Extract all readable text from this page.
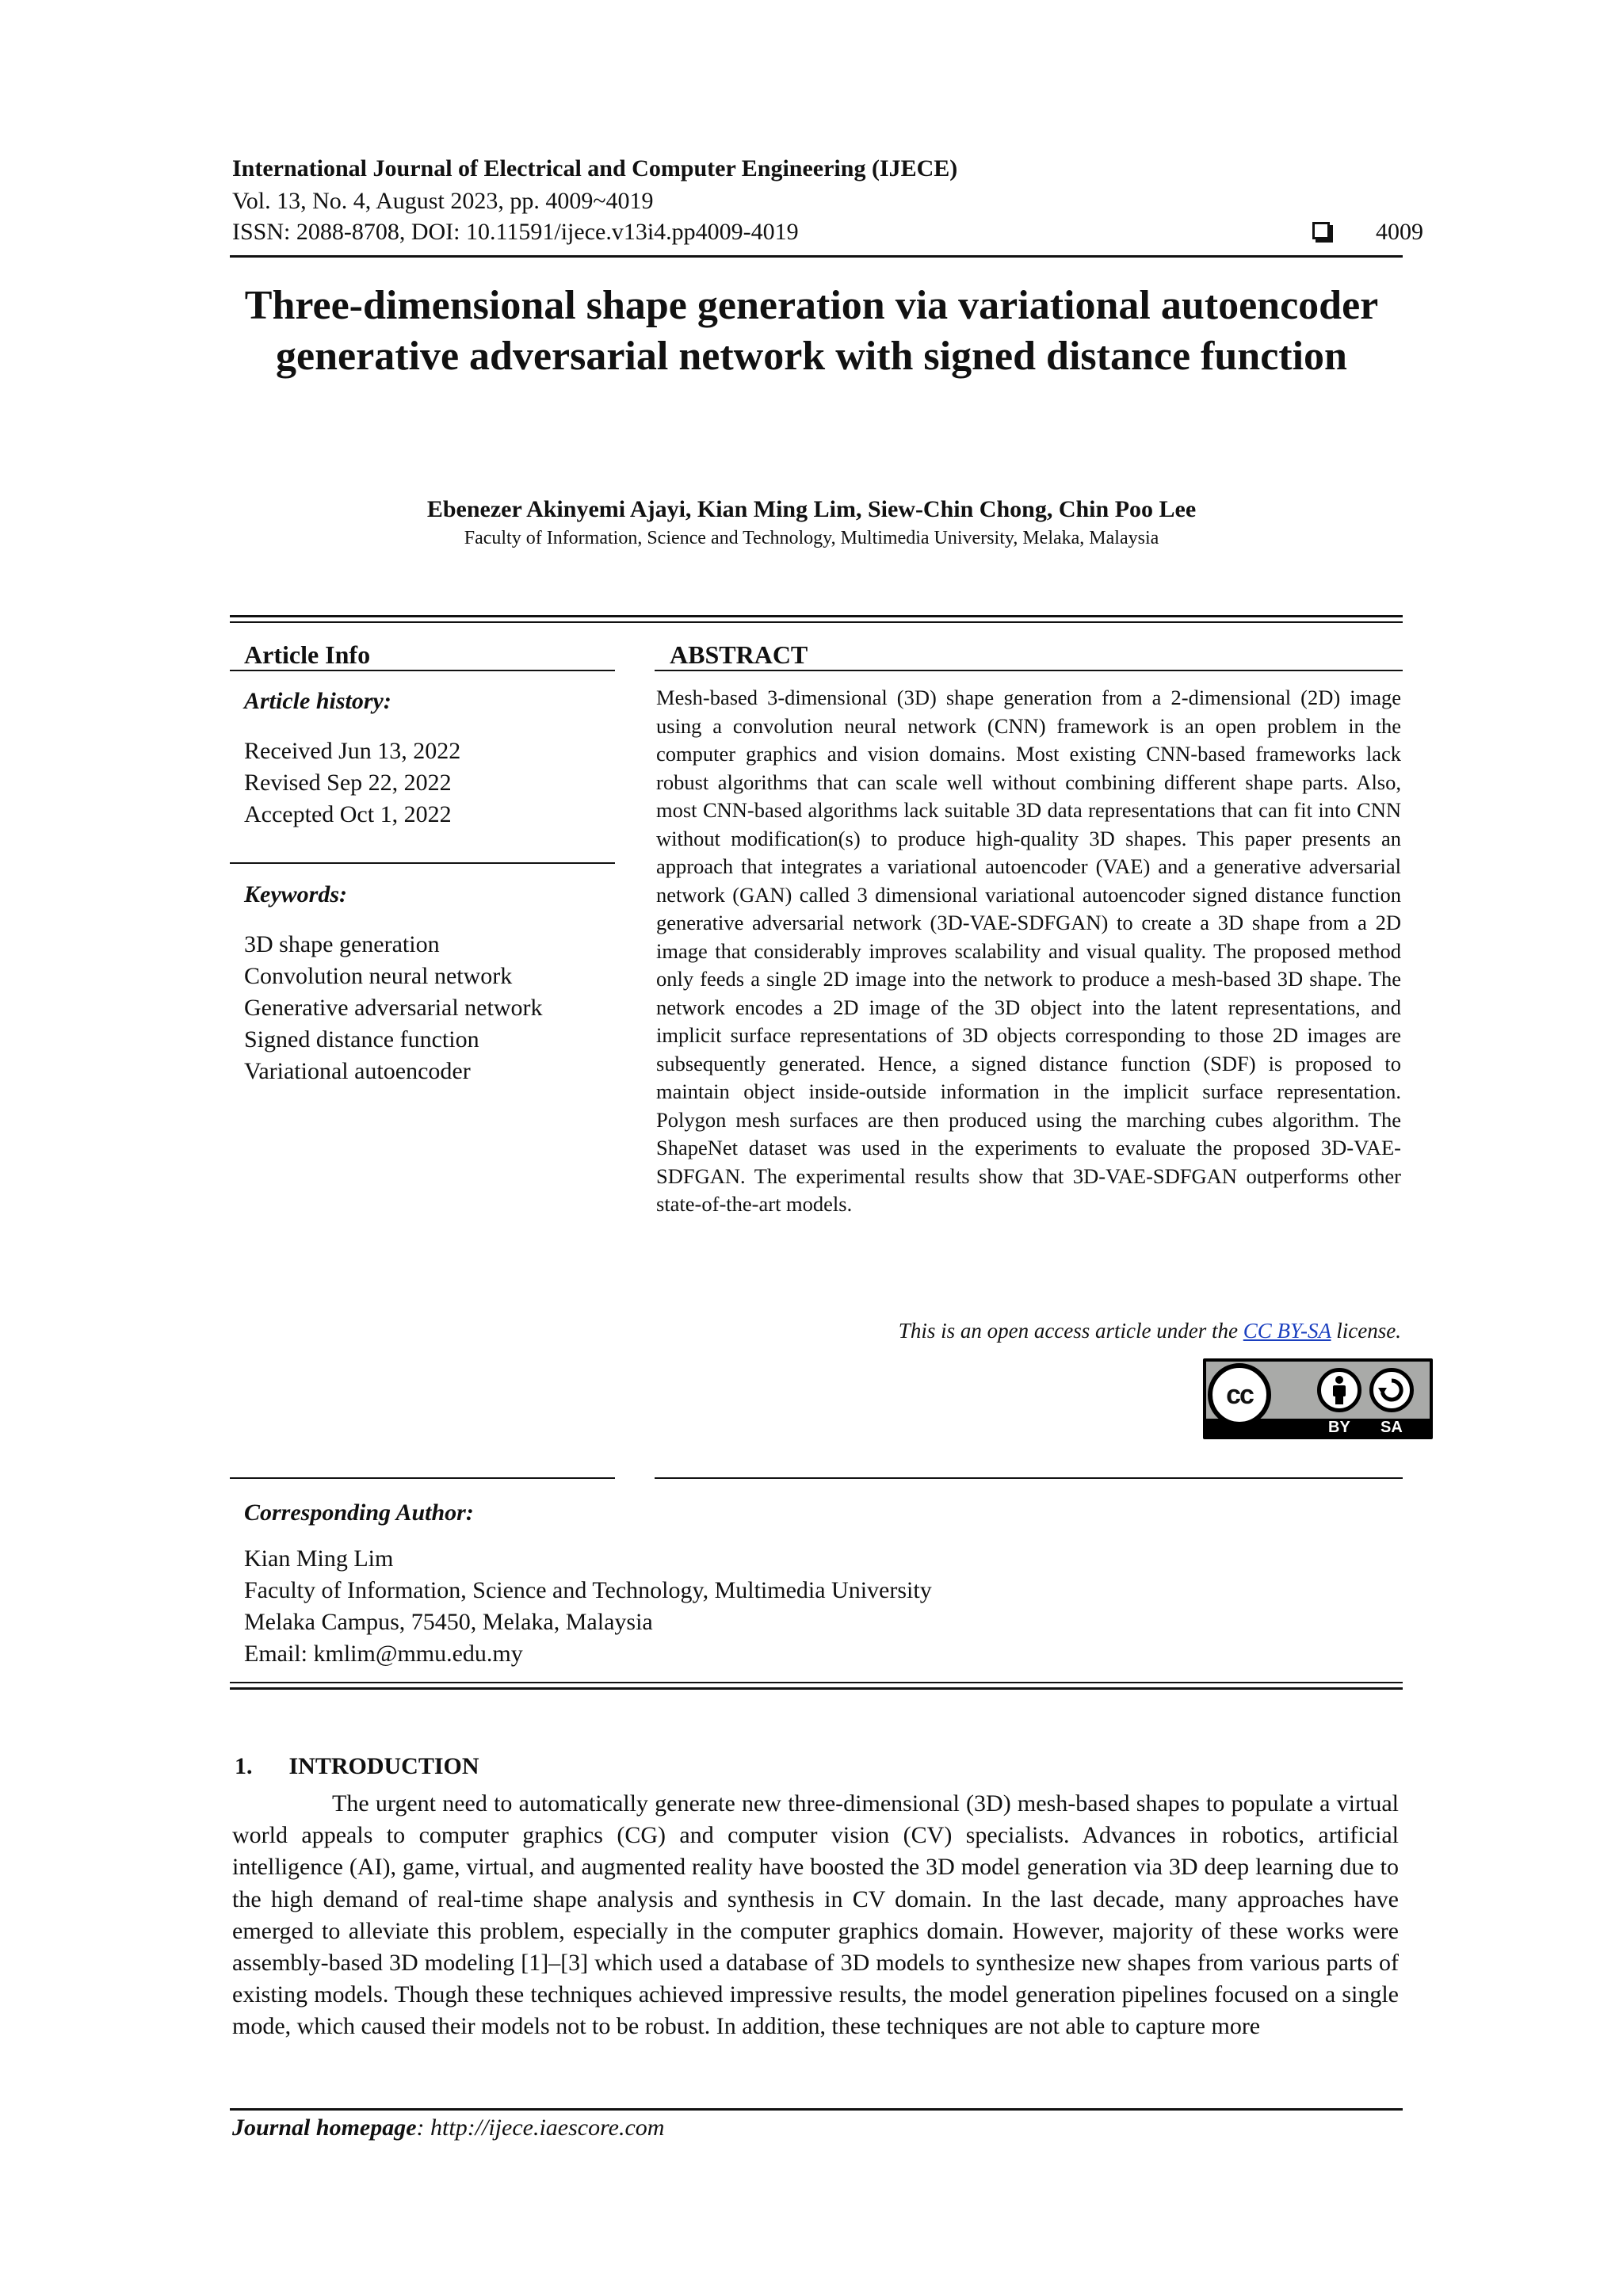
International Journal of Electrical and Computer Engineering (IJECE)
Vol. 13, No. 4, August 2023, pp. 4009~4019
ISSN: 2088-8708, DOI: 10.11591/ijece.v13i4.pp4009-4019	4009
Three-dimensional shape generation via variational autoencoder generative adversarial network with signed distance function
Ebenezer Akinyemi Ajayi, Kian Ming Lim, Siew-Chin Chong, Chin Poo Lee
Faculty of Information, Science and Technology, Multimedia University, Melaka, Malaysia
Article Info
Article history:
Received Jun 13, 2022
Revised Sep 22, 2022
Accepted Oct 1, 2022
Keywords:
3D shape generation
Convolution neural network
Generative adversarial network
Signed distance function
Variational autoencoder
ABSTRACT
Mesh-based 3-dimensional (3D) shape generation from a 2-dimensional (2D) image using a convolution neural network (CNN) framework is an open problem in the computer graphics and vision domains. Most existing CNN-based frameworks lack robust algorithms that can scale well without combining different shape parts. Also, most CNN-based algorithms lack suitable 3D data representations that can fit into CNN without modification(s) to produce high-quality 3D shapes. This paper presents an approach that integrates a variational autoencoder (VAE) and a generative adversarial network (GAN) called 3 dimensional variational autoencoder signed distance function generative adversarial network (3D-VAE-SDFGAN) to create a 3D shape from a 2D image that considerably improves scalability and visual quality. The proposed method only feeds a single 2D image into the network to produce a mesh-based 3D shape. The network encodes a 2D image of the 3D object into the latent representations, and implicit surface representations of 3D objects corresponding to those 2D images are subsequently generated. Hence, a signed distance function (SDF) is proposed to maintain object inside-outside information in the implicit surface representation. Polygon mesh surfaces are then produced using the marching cubes algorithm. The ShapeNet dataset was used in the experiments to evaluate the proposed 3D-VAE-SDFGAN. The experimental results show that 3D-VAE-SDFGAN outperforms other state-of-the-art models.
This is an open access article under the CC BY-SA license.
cc
BY SA
Corresponding Author:
Kian Ming Lim
Faculty of Information, Science and Technology, Multimedia University
Melaka Campus, 75450, Melaka, Malaysia
Email: kmlim@mmu.edu.my
1. INTRODUCTION
The urgent need to automatically generate new three-dimensional (3D) mesh-based shapes to populate a virtual world appeals to computer graphics (CG) and computer vision (CV) specialists. Advances in robotics, artificial intelligence (AI), game, virtual, and augmented reality have boosted the 3D model generation via 3D deep learning due to the high demand of real-time shape analysis and synthesis in CV domain. In the last decade, many approaches have emerged to alleviate this problem, especially in the computer graphics domain. However, majority of these works were assembly-based 3D modeling [1]–[3] which used a database of 3D models to synthesize new shapes from various parts of existing models. Though these techniques achieved impressive results, the model generation pipelines focused on a single mode, which caused their models not to be robust. In addition, these techniques are not able to capture more
Journal homepage: http://ijece.iaescore.com
